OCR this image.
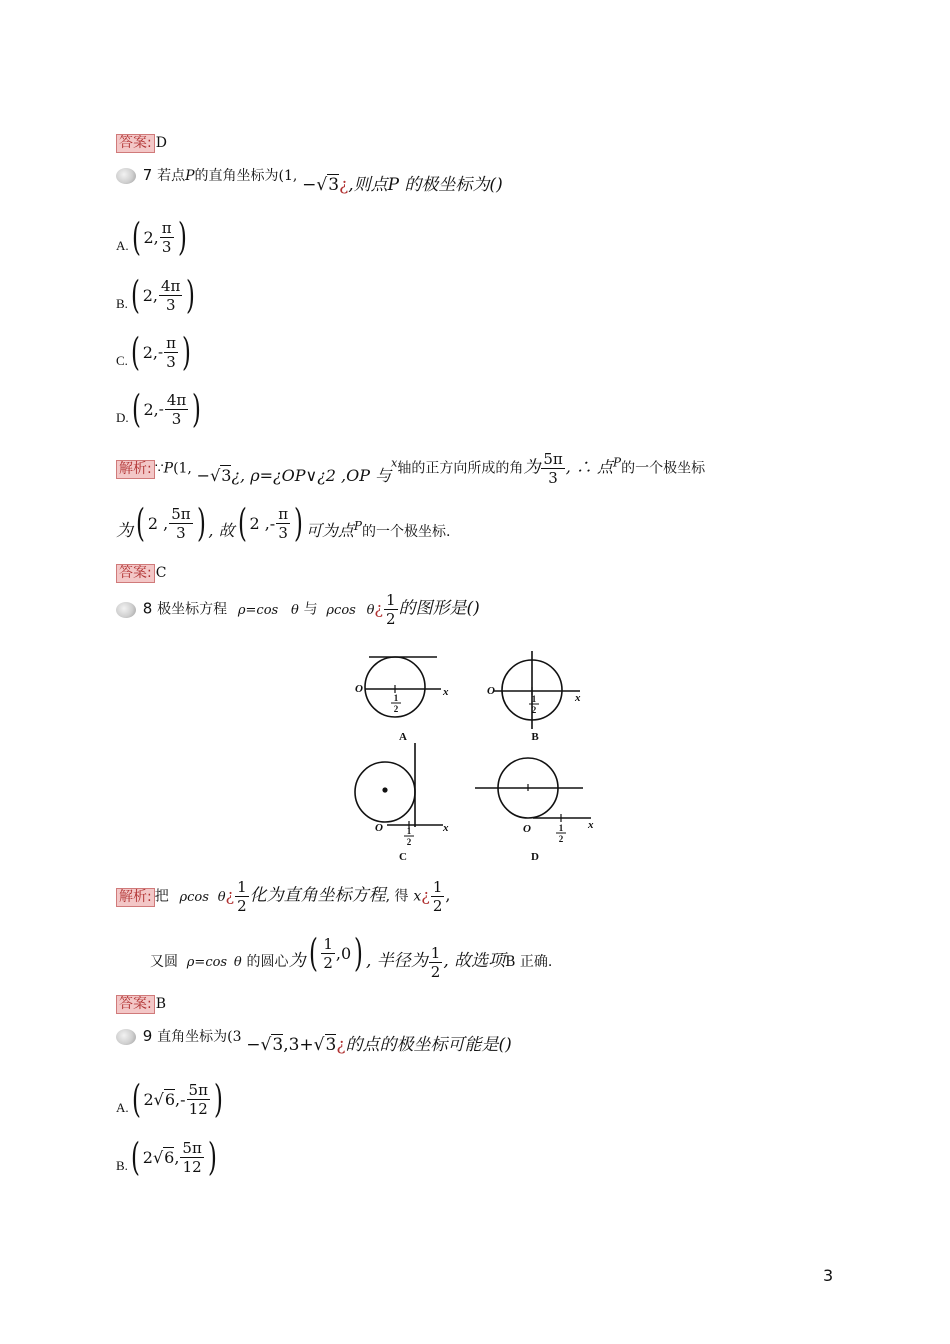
答案: D
7 若点P的直角坐标为(1, −√3¿,则点P 的极坐标为()
A. ( 2, $\frac{\pi}{3}$ )
B. ( 2, $\frac{4\pi}{3}$ )
C. ( 2, - $\frac{\pi}{3}$ )
D. ( 2, - $\frac{4\pi}{3}$ )
解析: ∵P(1, −√3¿, ρ=¿OP∨¿2 ,OP 与$^x$轴的正方向所成的角为 $\frac{5\pi}{3}$ , ∴ 点$^P$的一个极坐标
为 ( 2 , $\frac{5\pi}{3}$ ) , 故 ( 2 ,- $\frac{\pi}{3}$ ) 可为点$^P$的一个极坐标.
答案: C
8 极坐标方程 ρ=cos θ 与 ρcos θ¿ $\frac{1}{2}$ 的图形是()
O	x	O
x
O	x	O	x
1
2
1
2
1
2
1
2
A	B
C	D
解析: 把 ρcos θ¿ $\frac{1}{2}$ 化为直角坐标方程, 得 x¿ $\frac{1}{2}$ ,
又圆 ρ=cos θ 的圆心为 ( $\frac{1}{2} ,0$ ) , 半径为 $\frac{1}{2}$ , 故选项B 正确.
答案: B
9 直角坐标为(3 −√3,3+√3¿的点的极坐标可能是()
A. ( 2 √6 ,- $\frac{5\pi}{12}$ )
B. ( 2 √6 , $\frac{5\pi}{12}$ )
3
